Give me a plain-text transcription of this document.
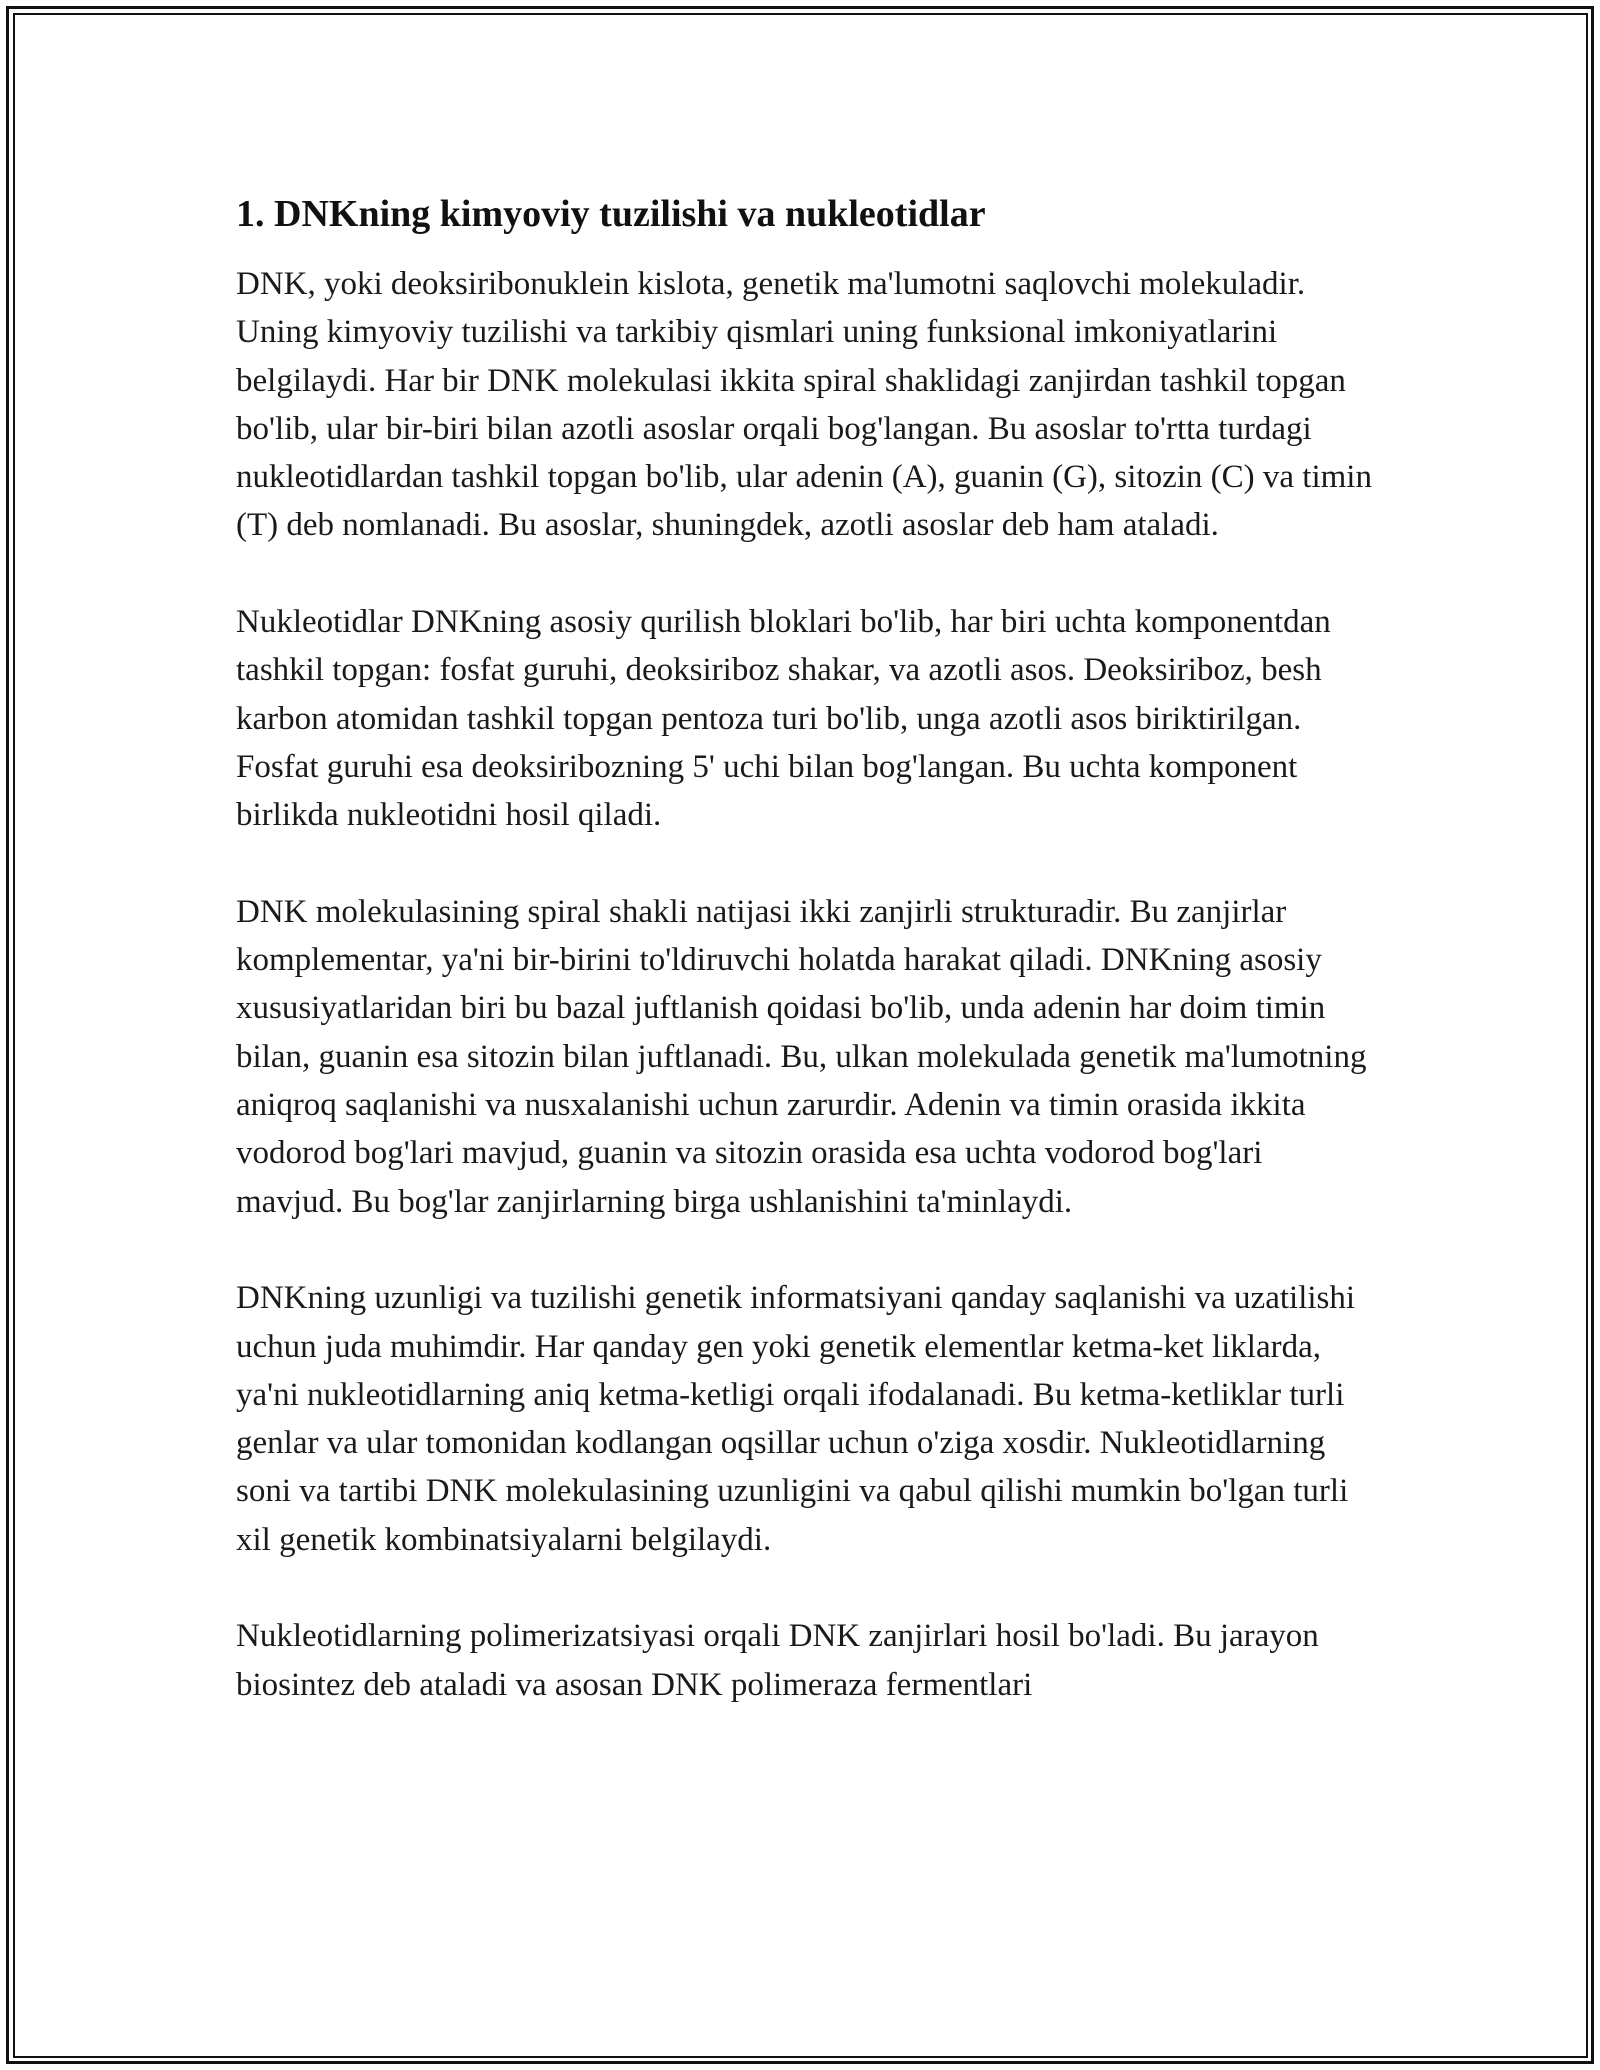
1. DNKning kimyoviy tuzilishi va nukleotidlar

DNK, yoki deoksiribonuklein kislota, genetik ma'lumotni saqlovchi molekuladir. Uning kimyoviy tuzilishi va tarkibiy qismlari uning funksional imkoniyatlarini belgilaydi. Har bir DNK molekulasi ikkita spiral shaklidagi zanjirdan tashkil topgan bo'lib, ular bir-biri bilan azotli asoslar orqali bog'langan. Bu asoslar to'rtta turdagi nukleotidlardan tashkil topgan bo'lib, ular adenin (A), guanin (G), sitozin (C) va timin (T) deb nomlanadi. Bu asoslar, shuningdek, azotli asoslar deb ham ataladi.

Nukleotidlar DNKning asosiy qurilish bloklari bo'lib, har biri uchta komponentdan tashkil topgan: fosfat guruhi, deoksiriboz shakar, va azotli asos. Deoksiriboz, besh karbon atomidan tashkil topgan pentoza turi bo'lib, unga azotli asos biriktirilgan. Fosfat guruhi esa deoksiribozning 5' uchi bilan bog'langan. Bu uchta komponent birlikda nukleotidni hosil qiladi.

DNK molekulasining spiral shakli natijasi ikki zanjirli strukturadir. Bu zanjirlar komplementar, ya'ni bir-birini to'ldiruvchi holatda harakat qiladi. DNKning asosiy xususiyatlaridan biri bu bazal juftlanish qoidasi bo'lib, unda adenin har doim timin bilan, guanin esa sitozin bilan juftlanadi. Bu, ulkan molekulada genetik ma'lumotning aniqroq saqlanishi va nusxalanishi uchun zarurdir. Adenin va timin orasida ikkita vodorod bog'lari mavjud, guanin va sitozin orasida esa uchta vodorod bog'lari mavjud. Bu bog'lar zanjirlarning birga ushlanishini ta'minlaydi.

DNKning uzunligi va tuzilishi genetik informatsiyani qanday saqlanishi va uzatilishi uchun juda muhimdir. Har qanday gen yoki genetik elementlar ketma-ket liklarda, ya'ni nukleotidlarning aniq ketma-ketligi orqali ifodalanadi. Bu ketma-ketliklar turli genlar va ular tomonidan kodlangan oqsillar uchun o'ziga xosdir. Nukleotidlarning soni va tartibi DNK molekulasining uzunligini va qabul qilishi mumkin bo'lgan turli xil genetik kombinatsiyalarni belgilaydi.

Nukleotidlarning polimerizatsiyasi orqali DNK zanjirlari hosil bo'ladi. Bu jarayon biosintez deb ataladi va asosan DNK polimeraza fermentlari
